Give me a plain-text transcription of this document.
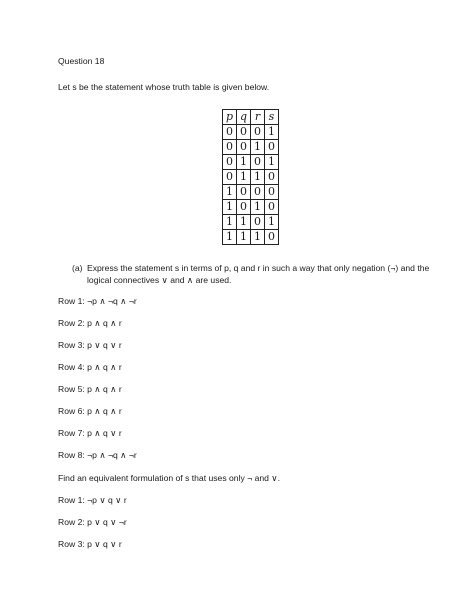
Question 18
Let s be the statement whose truth table is given below.
p	q	r	s
0	0	0	1
0	0	1	0
0	1	0	1
0	1	1	0
1	0	0	0
1	0	1	0
1	1	0	1
1	1	1	0
(a) Express the statement s in terms of p, q and r in such a way that only negation (¬) and the logical connectives ∨ and ∧ are used.
Row 1: ¬p ∧ ¬q ∧ ¬r
Row 2: p ∧ q ∧ r
Row 3: p ∨ q ∨ r
Row 4: p ∧ q ∧ r
Row 5: p ∧ q ∧ r
Row 6: p ∧ q ∧ r
Row 7: p ∧ q ∨ r
Row 8: ¬p ∧ ¬q ∧ ¬r
Find an equivalent formulation of s that uses only ¬ and ∨.
Row 1: ¬p ∨ q ∨ r
Row 2: p ∨ q ∨ ¬r
Row 3: p ∨ q ∨ r
